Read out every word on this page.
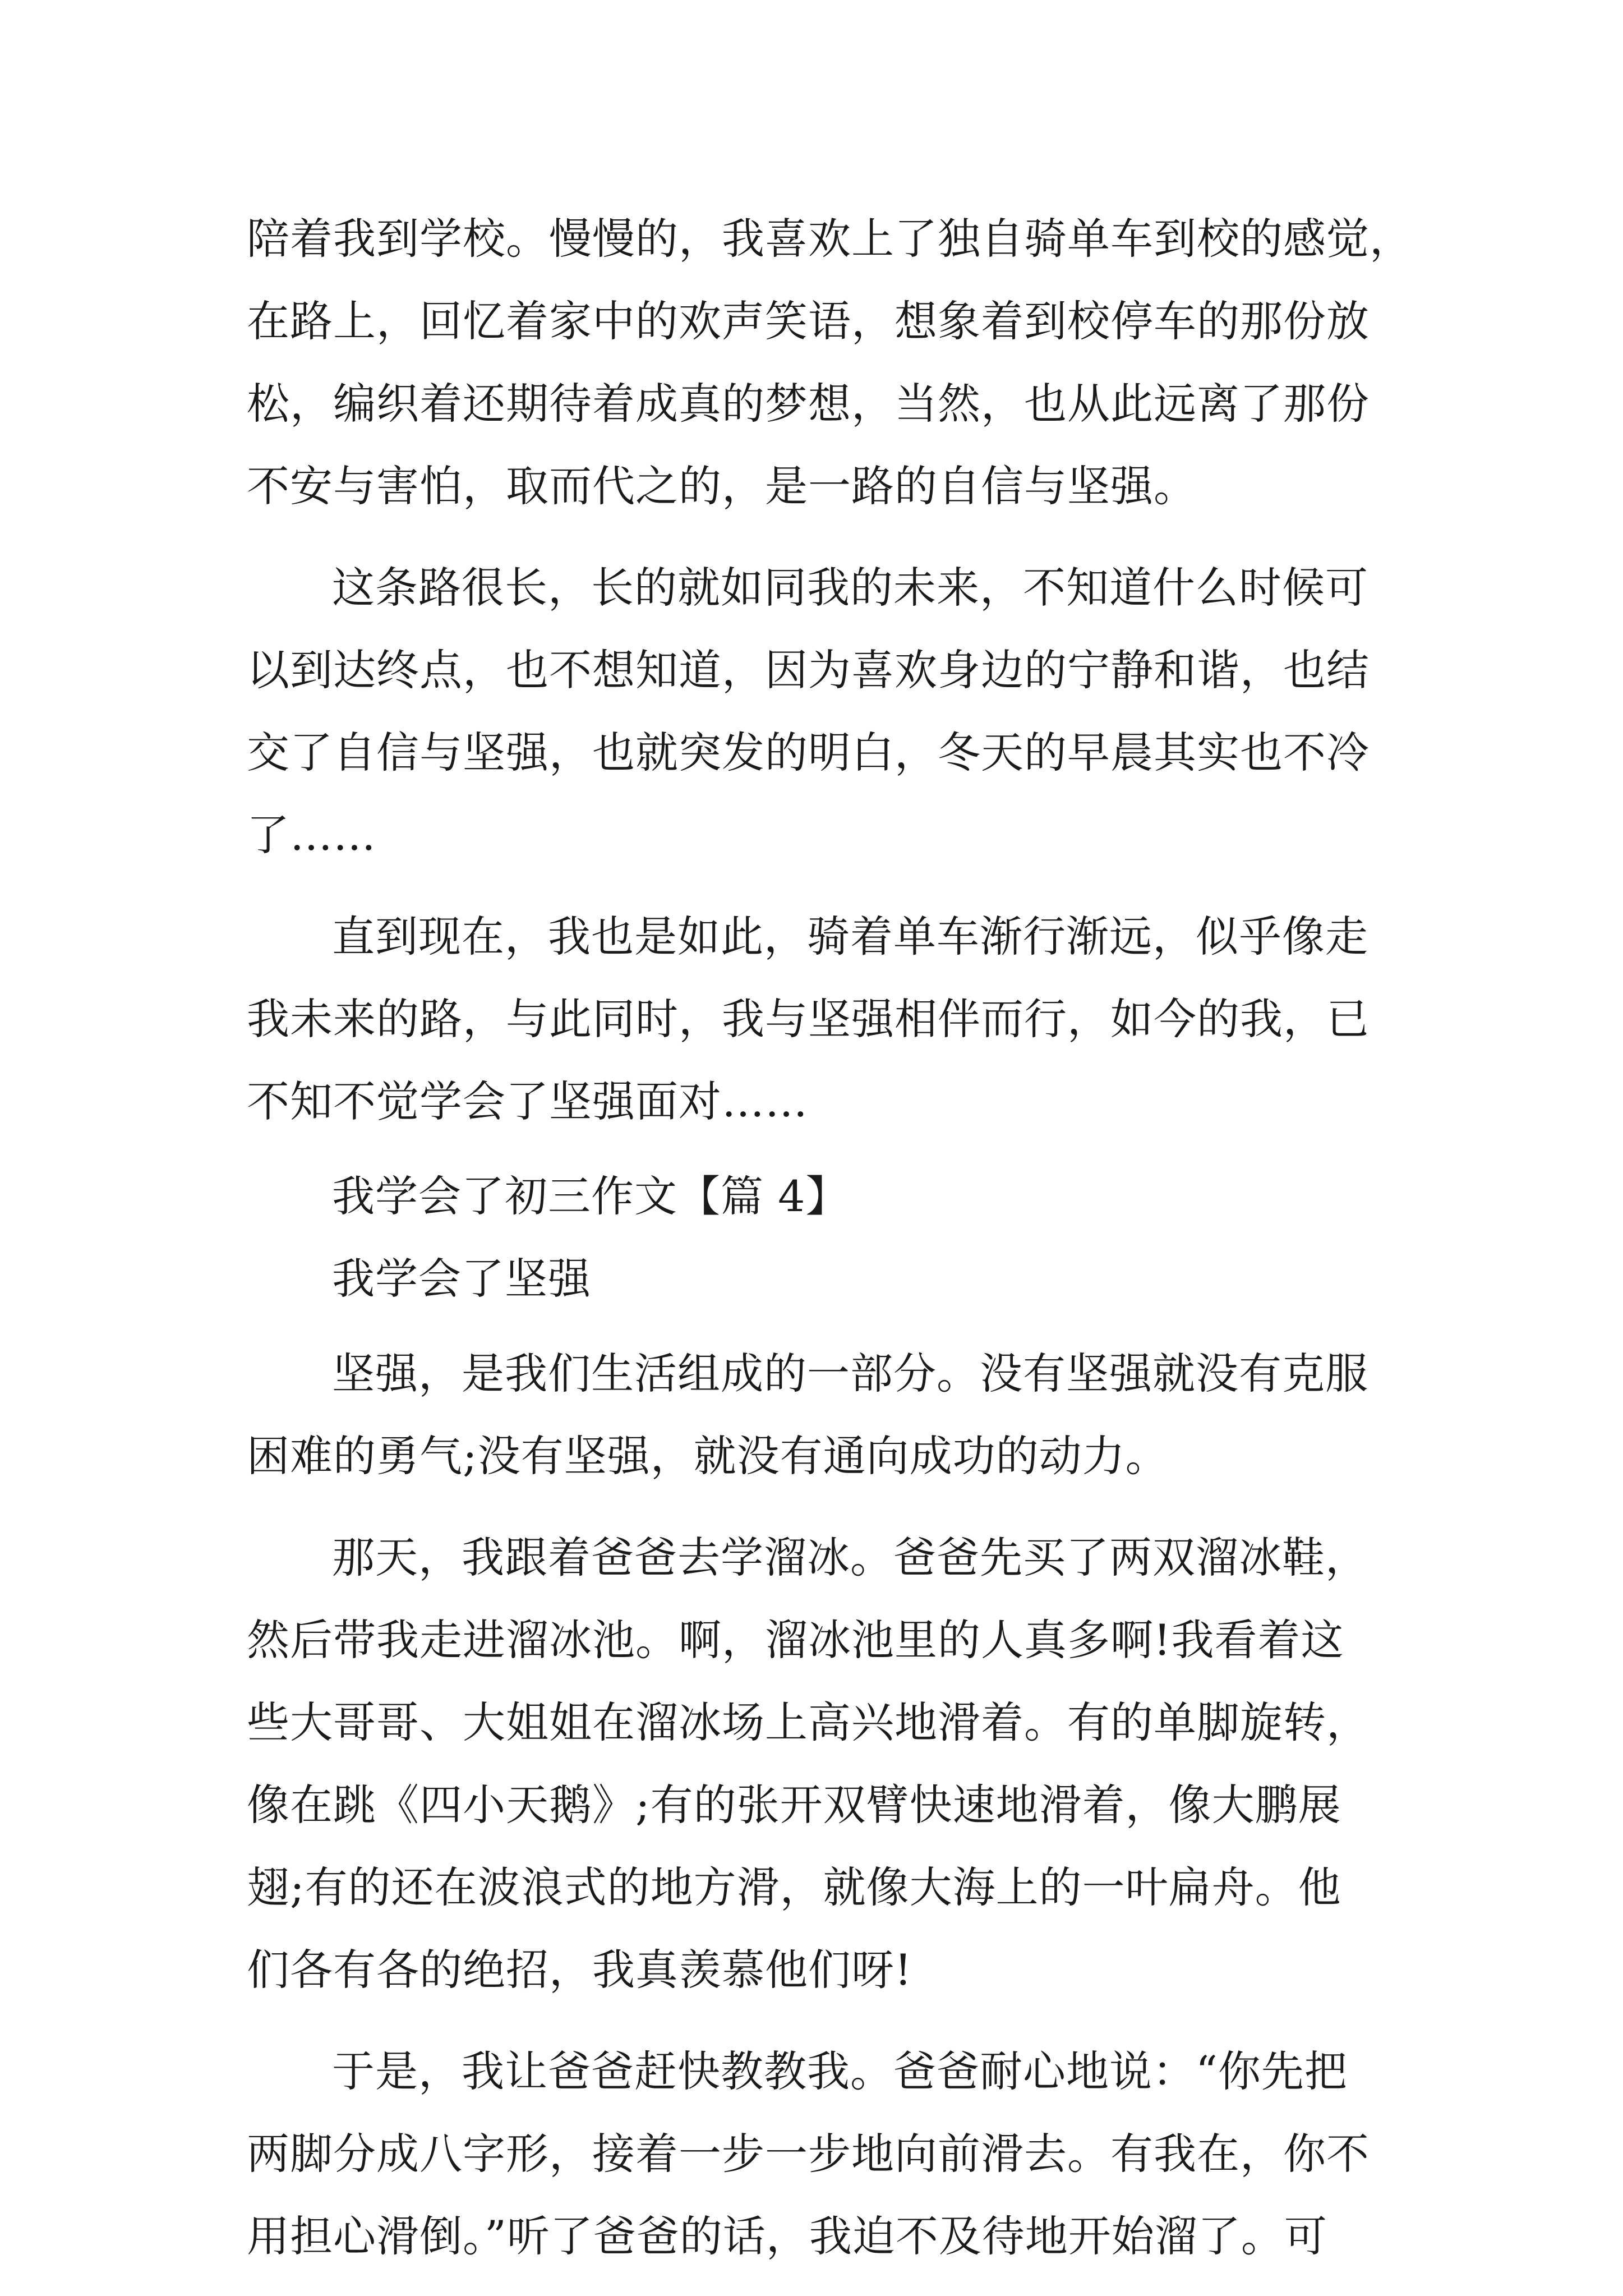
陪着我到学校。慢慢的，我喜欢上了独自骑单车到校的感觉，
在路上，回忆着家中的欢声笑语，想象着到校停车的那份放
松，编织着还期待着成真的梦想，当然，也从此远离了那份
不安与害怕，取而代之的，是一路的自信与坚强。
这条路很长，长的就如同我的未来，不知道什么时候可
以到达终点，也不想知道，因为喜欢身边的宁静和谐，也结
交了自信与坚强，也就突发的明白，冬天的早晨其实也不冷
了……
直到现在，我也是如此，骑着单车渐行渐远，似乎像走
我未来的路，与此同时，我与坚强相伴而行，如今的我，已
不知不觉学会了坚强面对……
我学会了初三作文【篇 4】
我学会了坚强
坚强，是我们生活组成的一部分。没有坚强就没有克服
困难的勇气;没有坚强，就没有通向成功的动力。
那天，我跟着爸爸去学溜冰。爸爸先买了两双溜冰鞋，
然后带我走进溜冰池。啊，溜冰池里的人真多啊!我看着这
些大哥哥、大姐姐在溜冰场上高兴地滑着。有的单脚旋转，
像在跳《四小天鹅》;有的张开双臂快速地滑着，像大鹏展
翅;有的还在波浪式的地方滑，就像大海上的一叶扁舟。他
们各有各的绝招，我真羡慕他们呀!
于是，我让爸爸赶快教教我。爸爸耐心地说：“你先把
两脚分成八字形，接着一步一步地向前滑去。有我在，你不
用担心滑倒。”听了爸爸的话，我迫不及待地开始溜了。可
